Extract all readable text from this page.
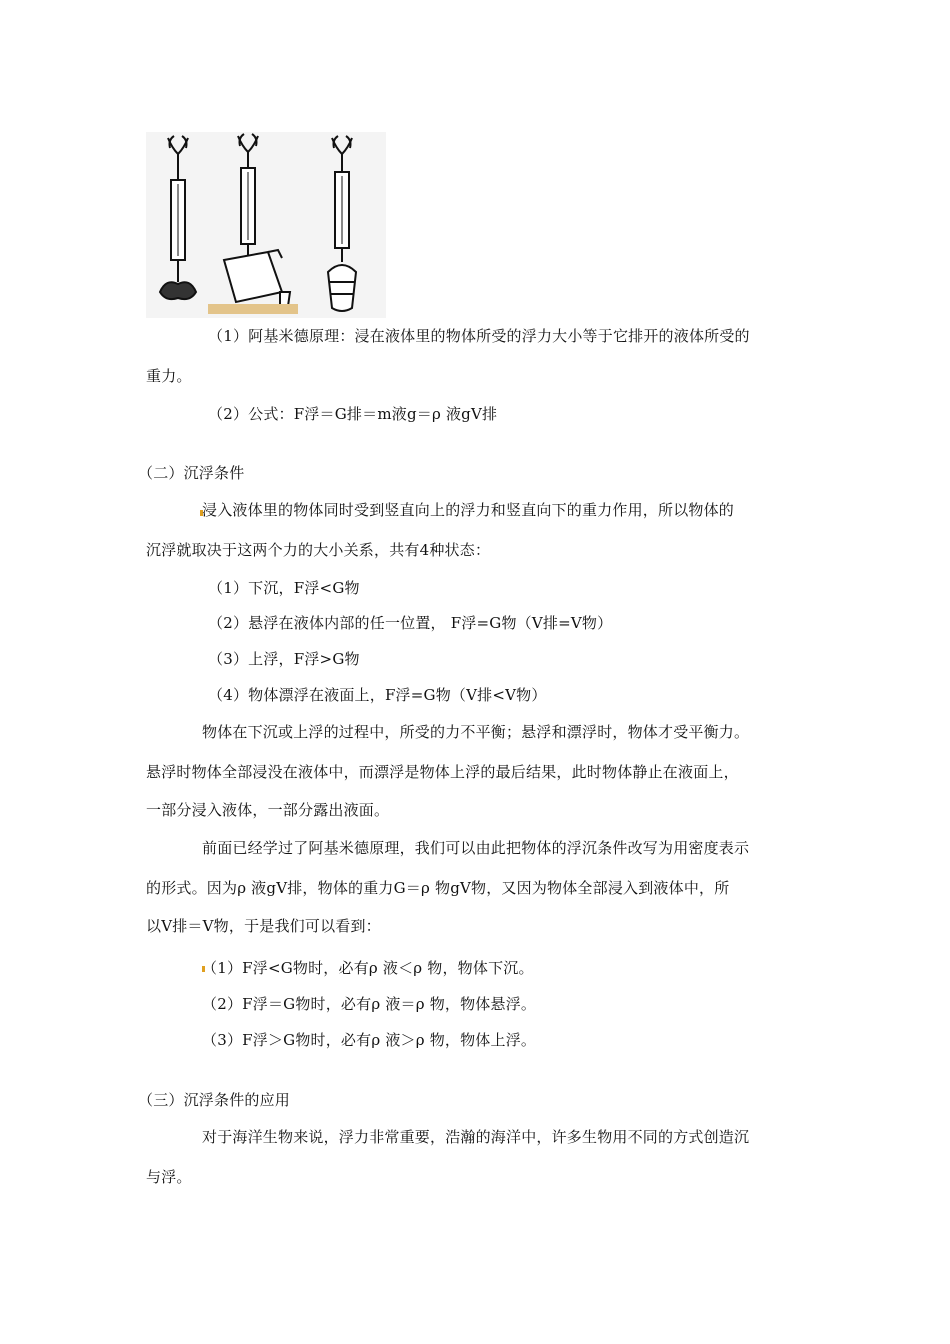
（1）阿基米德原理：浸在液体里的物体所受的浮力大小等于它排开的液体所受的
重力。
（2）公式：F浮＝G排＝m液g＝ρ 液gV排
（二）沉浮条件
浸入液体里的物体同时受到竖直向上的浮力和竖直向下的重力作用，所以物体的
沉浮就取决于这两个力的大小关系，共有4种状态：
（1）下沉，F浮<G物
（2）悬浮在液体内部的任一位置， F浮=G物（V排=V物）
（3）上浮，F浮>G物
（4）物体漂浮在液面上，F浮=G物（V排<V物）
物体在下沉或上浮的过程中，所受的力不平衡；悬浮和漂浮时，物体才受平衡力。
悬浮时物体全部浸没在液体中，而漂浮是物体上浮的最后结果，此时物体静止在液面上，
一部分浸入液体，一部分露出液面。
前面已经学过了阿基米德原理，我们可以由此把物体的浮沉条件改写为用密度表示
的形式。因为ρ 液gV排，物体的重力G＝ρ 物gV物，又因为物体全部浸入到液体中，所
以V排＝V物，于是我们可以看到：
（1）F浮<G物时，必有ρ 液＜ρ 物，物体下沉。
（2）F浮＝G物时，必有ρ 液＝ρ 物，物体悬浮。
（3）F浮＞G物时，必有ρ 液＞ρ 物，物体上浮。
（三）沉浮条件的应用
对于海洋生物来说，浮力非常重要，浩瀚的海洋中，许多生物用不同的方式创造沉
与浮。
